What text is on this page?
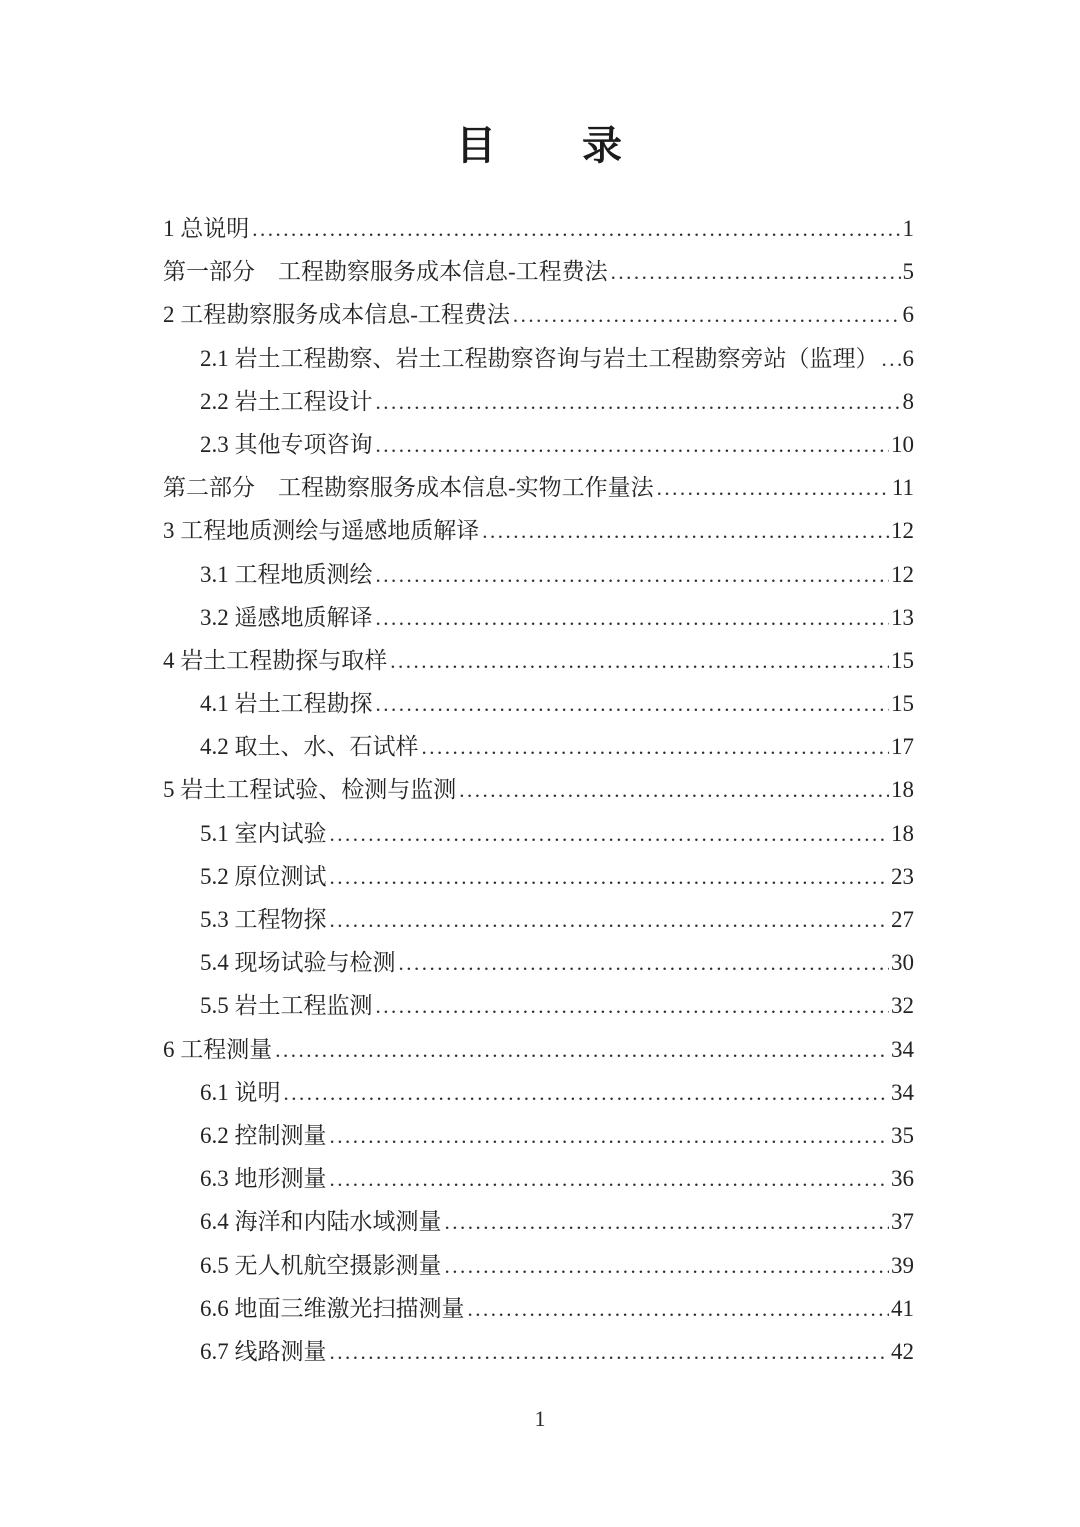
目　　录
1 总说明 .....	1
第一部分　工程勘察服务成本信息-工程费法 .....	5
2 工程勘察服务成本信息-工程费法 .....	6
2.1 岩土工程勘察、岩土工程勘察咨询与岩土工程勘察旁站（监理） ..... 6
2.2 岩土工程设计 .....	8
2.3 其他专项咨询 .....	10
第二部分　工程勘察服务成本信息-实物工作量法 .....	11
3 工程地质测绘与遥感地质解译 .....	12
3.1 工程地质测绘 .....	12
3.2 遥感地质解译 .....	13
4 岩土工程勘探与取样 .....	15
4.1 岩土工程勘探 .....	15
4.2 取土、水、石试样 .....	17
5 岩土工程试验、检测与监测 .....	18
5.1 室内试验 .....	18
5.2 原位测试 .....	23
5.3 工程物探 .....	27
5.4 现场试验与检测 .....	30
5.5 岩土工程监测 .....	32
6 工程测量 .....	34
6.1 说明 .....	34
6.2 控制测量 .....	35
6.3 地形测量 .....	36
6.4 海洋和内陆水域测量 .....	37
6.5 无人机航空摄影测量 .....	39
6.6 地面三维激光扫描测量 .....	41
6.7 线路测量 .....	42
1
